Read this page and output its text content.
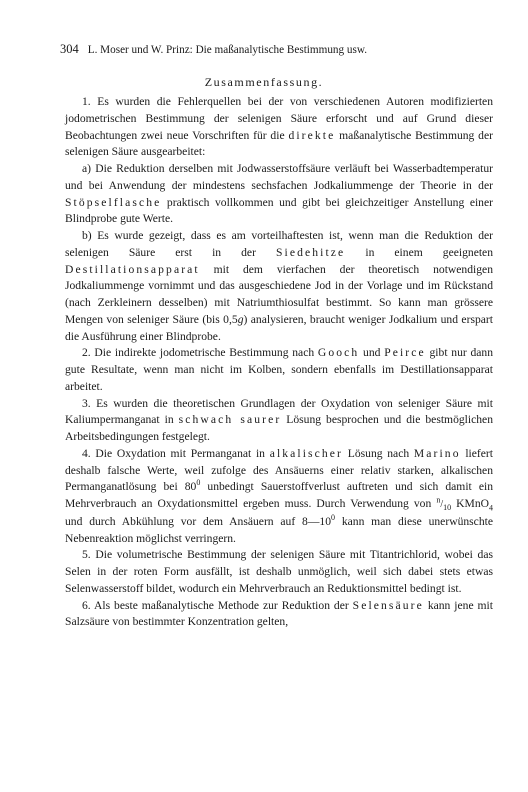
304 L. Moser und W. Prinz: Die maßanalytische Bestimmung usw.
Zusammenfassung.

1. Es wurden die Fehlerquellen bei der von verschiedenen Autoren modifizierten jodometrischen Bestimmung der selenigen Säure erforscht und auf Grund dieser Beobachtungen zwei neue Vorschriften für die direkte maßanalytische Bestimmung der selenigen Säure ausgearbeitet:

a) Die Reduktion derselben mit Jodwasserstoffsäure verläuft bei Wasserbadtemperatur und bei Anwendung der mindestens sechsfachen Jodkaliummenge der Theorie in der Stöpselflasche praktisch vollkommen und gibt bei gleichzeitiger Anstellung einer Blindprobe gute Werte.

b) Es wurde gezeigt, dass es am vorteilhaftesten ist, wenn man die Reduktion der selenigen Säure erst in der Siedehitze in einem geeigneten Destillationsapparat mit dem vierfachen der theoretisch notwendigen Jodkaliummenge vornimmt und das ausgeschiedene Jod in der Vorlage und im Rückstand (nach Zerkleinern desselben) mit Natriumthiosulfat bestimmt. So kann man grössere Mengen von seleniger Säure (bis 0,5g) analysieren, braucht weniger Jodkalium und erspart die Ausführung einer Blindprobe.

2. Die indirekte jodometrische Bestimmung nach Gooch und Peirce gibt nur dann gute Resultate, wenn man nicht im Kolben, sondern ebenfalls im Destillationsapparat arbeitet.

3. Es wurden die theoretischen Grundlagen der Oxydation von seleniger Säure mit Kaliumpermanganat in schwach saurer Lösung besprochen und die bestmöglichen Arbeitsbedingungen festgelegt.

4. Die Oxydation mit Permanganat in alkalischer Lösung nach Marino liefert deshalb falsche Werte, weil zufolge des Ansäuerns einer relativ starken, alkalischen Permanganatlösung bei $80^0$ unbedingt Sauerstoffverlust auftreten und sich damit ein Mehrverbrauch an Oxydationsmittel ergeben muss. Durch Verwendung von $^n/_{10}$ KMnO$_4$ und durch Abkühlung vor dem Ansäuern auf $8—10^0$ kann man diese unerwünschte Nebenreaktion möglichst verringern.

5. Die volumetrische Bestimmung der selenigen Säure mit Titantrichlorid, wobei das Selen in der roten Form ausfällt, ist deshalb unmöglich, weil sich dabei stets etwas Selenwasserstoff bildet, wodurch ein Mehrverbrauch an Reduktionsmittel bedingt ist.

6. Als beste maßanalytische Methode zur Reduktion der Selensäure kann jene mit Salzsäure von bestimmter Konzentration gelten,
